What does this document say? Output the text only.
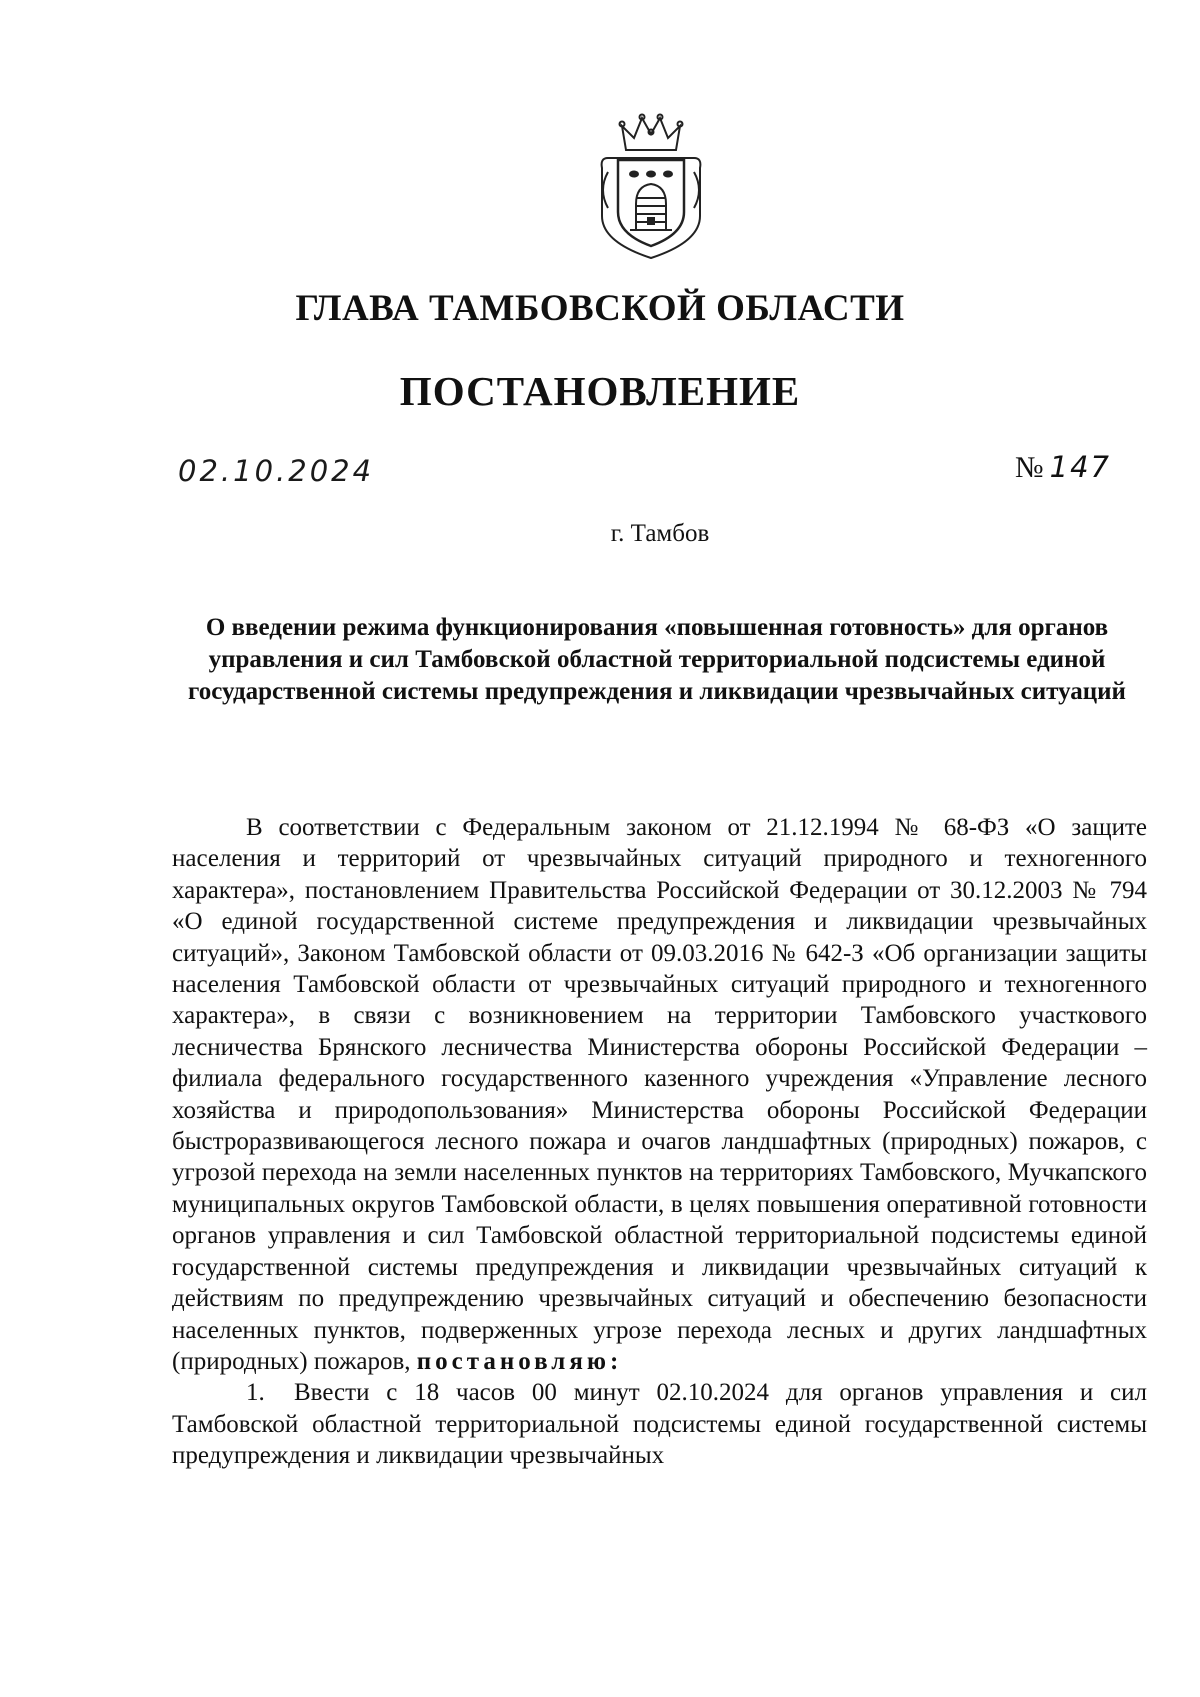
ГЛАВА ТАМБОВСКОЙ ОБЛАСТИ
ПОСТАНОВЛЕНИЕ
02.10.2024	№ 147
г. Тамбов
О введении режима функционирования «повышенная готовность» для органов управления и сил Тамбовской областной территориальной подсистемы единой государственной системы предупреждения и ликвидации чрезвычайных ситуаций

В соответствии с Федеральным законом от 21.12.1994 № 68-ФЗ «О защите населения и территорий от чрезвычайных ситуаций природного и техногенного характера», постановлением Правительства Российской Федерации от 30.12.2003 № 794 «О единой государственной системе предупреждения и ликвидации чрезвычайных ситуаций», Законом Тамбовской области от 09.03.2016 № 642-З «Об организации защиты населения Тамбовской области от чрезвычайных ситуаций природного и техногенного характера», в связи с возникновением на территории Тамбовского участкового лесничества Брянского лесничества Министерства обороны Российской Федерации – филиала федерального государственного казенного учреждения «Управление лесного хозяйства и природопользования» Министерства обороны Российской Федерации быстроразвивающегося лесного пожара и очагов ландшафтных (природных) пожаров, с угрозой перехода на земли населенных пунктов на территориях Тамбовского, Мучкапского муниципальных округов Тамбовской области, в целях повышения оперативной готовности органов управления и сил Тамбовской областной территориальной подсистемы единой государственной системы предупреждения и ликвидации чрезвычайных ситуаций к действиям по предупреждению чрезвычайных ситуаций и обеспечению безопасности населенных пунктов, подверженных угрозе перехода лесных и других ландшафтных (природных) пожаров, постановляю:

1. Ввести с 18 часов 00 минут 02.10.2024 для органов управления и сил Тамбовской областной территориальной подсистемы единой государственной системы предупреждения и ликвидации чрезвычайных
